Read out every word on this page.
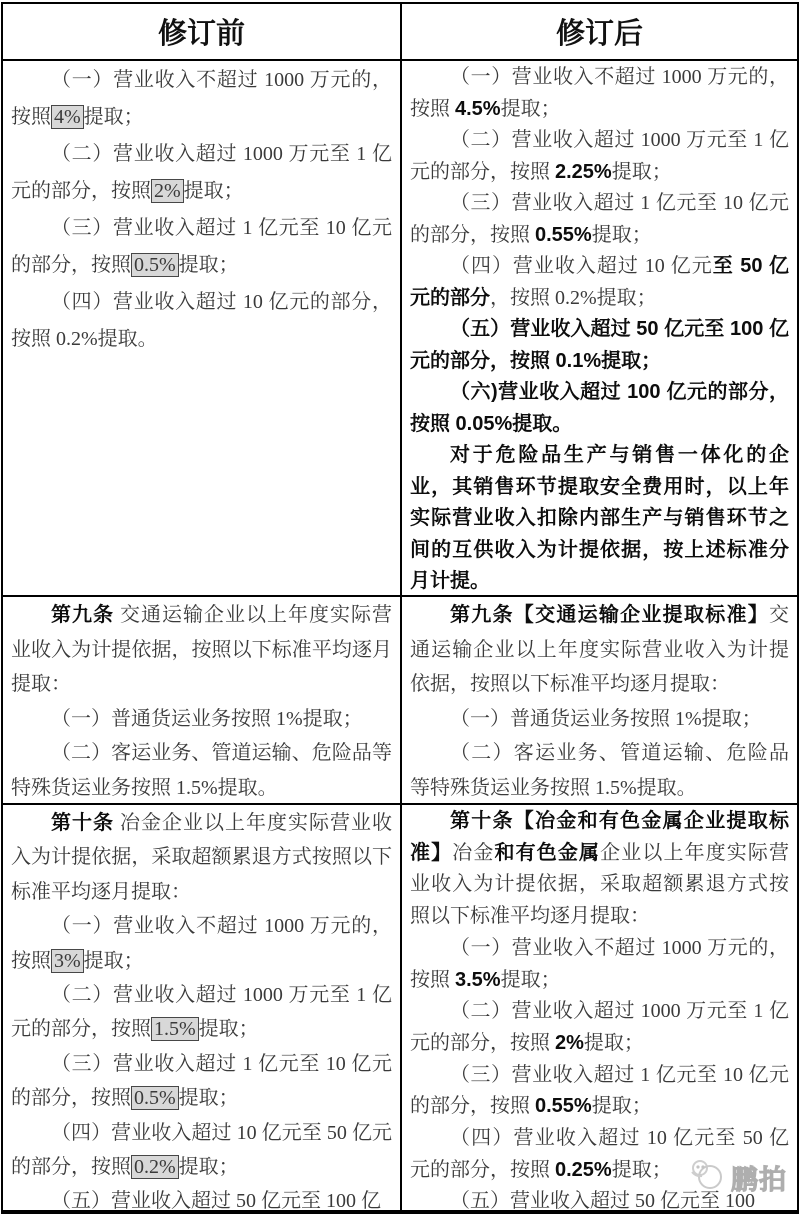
修订前	修订后

（一）营业收入不超过 1000 万元的，按照 4% 提取；

（二）营业收入超过 1000 万元至 1 亿元的部分，按照 2% 提取；

（三）营业收入超过 1 亿元至 10 亿元的部分，按照 0.5% 提取；

（四）营业收入超过 10 亿元的部分，按照 0.2%提取。

（一）营业收入不超过 1000 万元的，按照 4.5%提取；

（二）营业收入超过 1000 万元至 1 亿元的部分，按照 2.25%提取；

（三）营业收入超过 1 亿元至 10 亿元的部分，按照 0.55%提取；

（四）营业收入超过 10 亿元至 50 亿元的部分，按照 0.2%提取；

（五）营业收入超过 50 亿元至 100 亿元的部分，按照 0.1%提取；

（六)营业收入超过 100 亿元的部分，按照 0.05%提取。

对于危险品生产与销售一体化的企业，其销售环节提取安全费用时，以上年实际营业收入扣除内部生产与销售环节之间的互供收入为计提依据，按上述标准分月计提。

第九条 交通运输企业以上年度实际营业收入为计提依据，按照以下标准平均逐月提取：

（一）普通货运业务按照 1%提取；

（二）客运业务、管道运输、危险品等特殊货运业务按照 1.5%提取。

第九条【交通运输企业提取标准】交通运输企业以上年度实际营业收入为计提依据，按照以下标准平均逐月提取：

（一）普通货运业务按照 1%提取；

（二）客运业务、管道运输、危险品等特殊货运业务按照 1.5%提取。

第十条 冶金企业以上年度实际营业收入为计提依据，采取超额累退方式按照以下标准平均逐月提取：

（一）营业收入不超过 1000 万元的，按照 3% 提取；

（二）营业收入超过 1000 万元至 1 亿元的部分，按照 1.5% 提取；

（三）营业收入超过 1 亿元至 10 亿元的部分，按照 0.5% 提取；

（四）营业收入超过 10 亿元至 50 亿元的部分，按照 0.2% 提取；

（五）营业收入超过 50 亿元至 100 亿

第十条【冶金和有色金属企业提取标准】冶金和有色金属企业以上年度实际营业收入为计提依据，采取超额累退方式按照以下标准平均逐月提取：

（一）营业收入不超过 1000 万元的，按照 3.5%提取；

（二）营业收入超过 1000 万元至 1 亿元的部分，按照 2%提取；

（三）营业收入超过 1 亿元至 10 亿元的部分，按照 0.55%提取；

（四）营业收入超过 10 亿元至 50 亿元的部分，按照 0.25%提取；

（五）营业收入超过 50 亿元至 100

鹏拍
